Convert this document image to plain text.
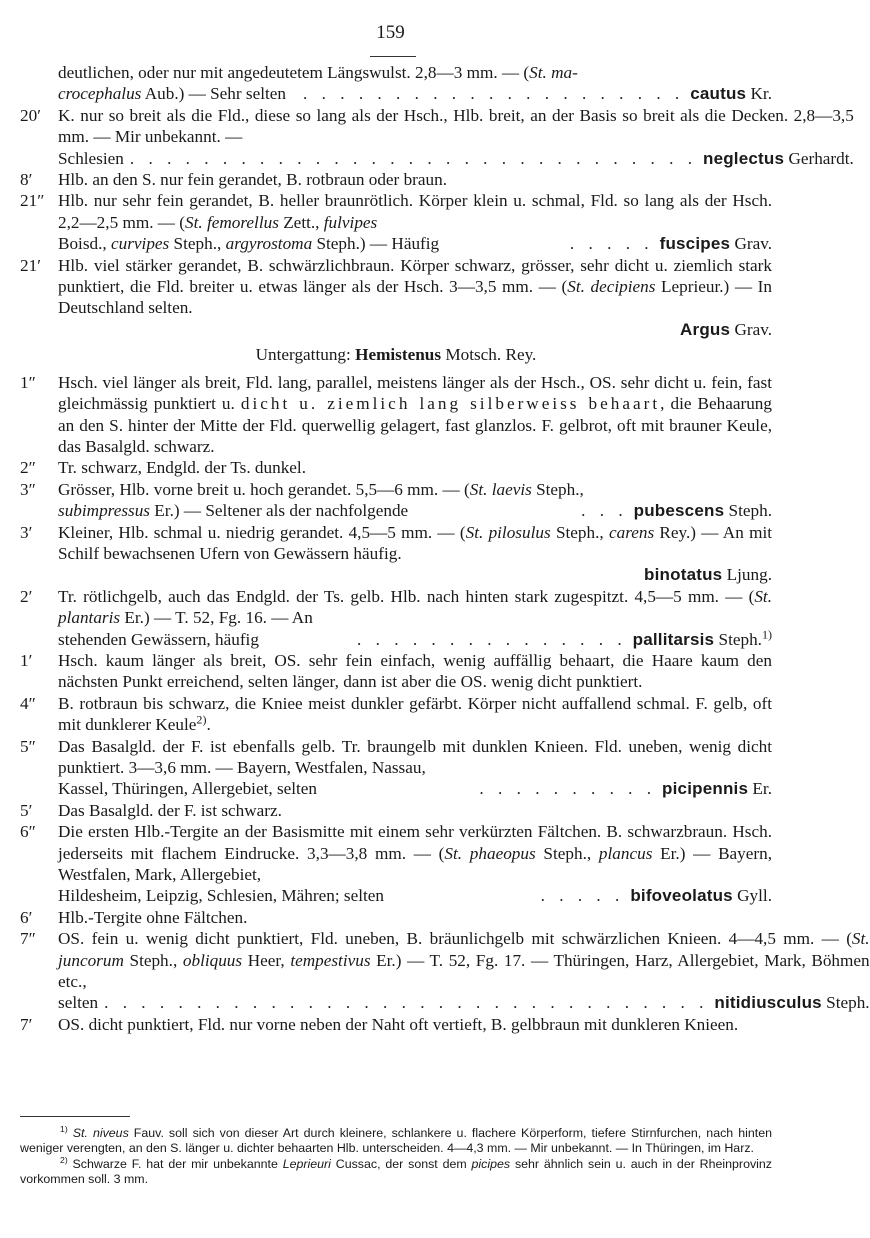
159
deutlichen, oder nur mit angedeutetem Längswulst. 2,8—3 mm. — (St. ma-
crocephalus Aub.) — Sehr selten . . . . . . . . . . . . . . . . . . . . . cautus Kr.
20′ K. nur so breit als die Fld., diese so lang als der Hsch., Hlb. breit, an der Basis so breit als die Decken. 2,8—3,5 mm. — Mir unbekannt. —
Schlesien . . . . . . . . . . . . . . . . . . . . . . . . . . . . . . . neglectus Gerhardt.
8′	Hlb. an den S. nur fein gerandet, B. rotbraun oder braun.
21″ Hlb. nur sehr fein gerandet, B. heller braunrötlich. Körper klein u. schmal, Fld. so lang als der Hsch. 2,2—2,5 mm. — (St. femorellus Zett., fulvipes
Boisd., curvipes Steph., argyrostoma Steph.) — Häufig	. . . . . fuscipes Grav.
21′ Hlb. viel stärker gerandet, B. schwärzlichbraun. Körper schwarz, grösser, sehr dicht u. ziemlich stark punktiert, die Fld. breiter u. etwas länger als der Hsch. 3—3,5 mm. — (St. decipiens Leprieur.) — In Deutschland selten.
Argus Grav.
Untergattung: Hemistenus Motsch. Rey.
1″	Hsch. viel länger als breit, Fld. lang, parallel, meistens länger als der Hsch., OS. sehr dicht u. fein, fast gleichmässig punktiert u. dicht u. ziemlich lang silberweiss behaart, die Behaarung an den S. hinter der Mitte der Fld. querwellig gelagert, fast glanzlos. F. gelbrot, oft mit brauner Keule, das Basalgld. schwarz.
2″	Tr. schwarz, Endgld. der Ts. dunkel.
3″	Grösser, Hlb. vorne breit u. hoch gerandet. 5,5—6 mm. — (St. laevis Steph.,
subimpressus Er.) — Seltener als der nachfolgende	. . . pubescens Steph.
3′	Kleiner, Hlb. schmal u. niedrig gerandet. 4,5—5 mm. — (St. pilosulus Steph., carens Rey.) — An mit Schilf bewachsenen Ufern von Gewässern häufig.
binotatus Ljung.
2′	Tr. rötlichgelb, auch das Endgld. der Ts. gelb. Hlb. nach hinten stark zugespitzt. 4,5—5 mm. — (St. plantaris Er.) — T. 52, Fg. 16. — An
stehenden Gewässern, häufig	. . . . . . . . . . . . . . . pallitarsis Steph.$^{1)}$
1′	Hsch. kaum länger als breit, OS. sehr fein einfach, wenig auffällig behaart, die Haare kaum den nächsten Punkt erreichend, selten länger, dann ist aber die OS. wenig dicht punktiert.
4″	B. rotbraun bis schwarz, die Kniee meist dunkler gefärbt. Körper nicht auffallend schmal. F. gelb, oft mit dunklerer Keule$^{2)}$.
5″	Das Basalgld. der F. ist ebenfalls gelb. Tr. braungelb mit dunklen Knieen. Fld. uneben, wenig dicht punktiert. 3—3,6 mm. — Bayern, Westfalen, Nassau,
Kassel, Thüringen, Allergebiet, selten	. . . . . . . . . . picipennis Er.
5′	Das Basalgld. der F. ist schwarz.
6″	Die ersten Hlb.-Tergite an der Basismitte mit einem sehr verkürzten Fältchen. B. schwarzbraun. Hsch. jederseits mit flachem Eindrucke. 3,3—3,8 mm. — (St. phaeopus Steph., plancus Er.) — Bayern, Westfalen, Mark, Allergebiet,
Hildesheim, Leipzig, Schlesien, Mähren; selten	. . . . . bifoveolatus Gyll.
6′	Hlb.-Tergite ohne Fältchen.
7″	OS. fein u. wenig dicht punktiert, Fld. uneben, B. bräunlichgelb mit schwärzlichen Knieen. 4—4,5 mm. — (St. juncorum Steph., obliquus Heer, tempestivus Er.) — T. 52, Fg. 17. — Thüringen, Harz, Allergebiet, Mark, Böhmen etc.,
selten . . . . . . . . . . . . . . . . . . . . . . . . . . . . . . . . . nitidiusculus Steph.
7′	OS. dicht punktiert, Fld. nur vorne neben der Naht oft vertieft, B. gelbbraun mit dunkleren Knieen.
$^{1)}$ St. niveus Fauv. soll sich von dieser Art durch kleinere, schlankere u. flachere Körperform, tiefere Stirnfurchen, nach hinten weniger verengten, an den S. länger u. dichter behaarten Hlb. unterscheiden. 4—4,3 mm. — Mir unbekannt. — In Thüringen, im Harz.
$^{2)}$ Schwarze F. hat der mir unbekannte Leprieuri Cussac, der sonst dem picipes sehr ähnlich sein u. auch in der Rheinprovinz vorkommen soll. 3 mm.
